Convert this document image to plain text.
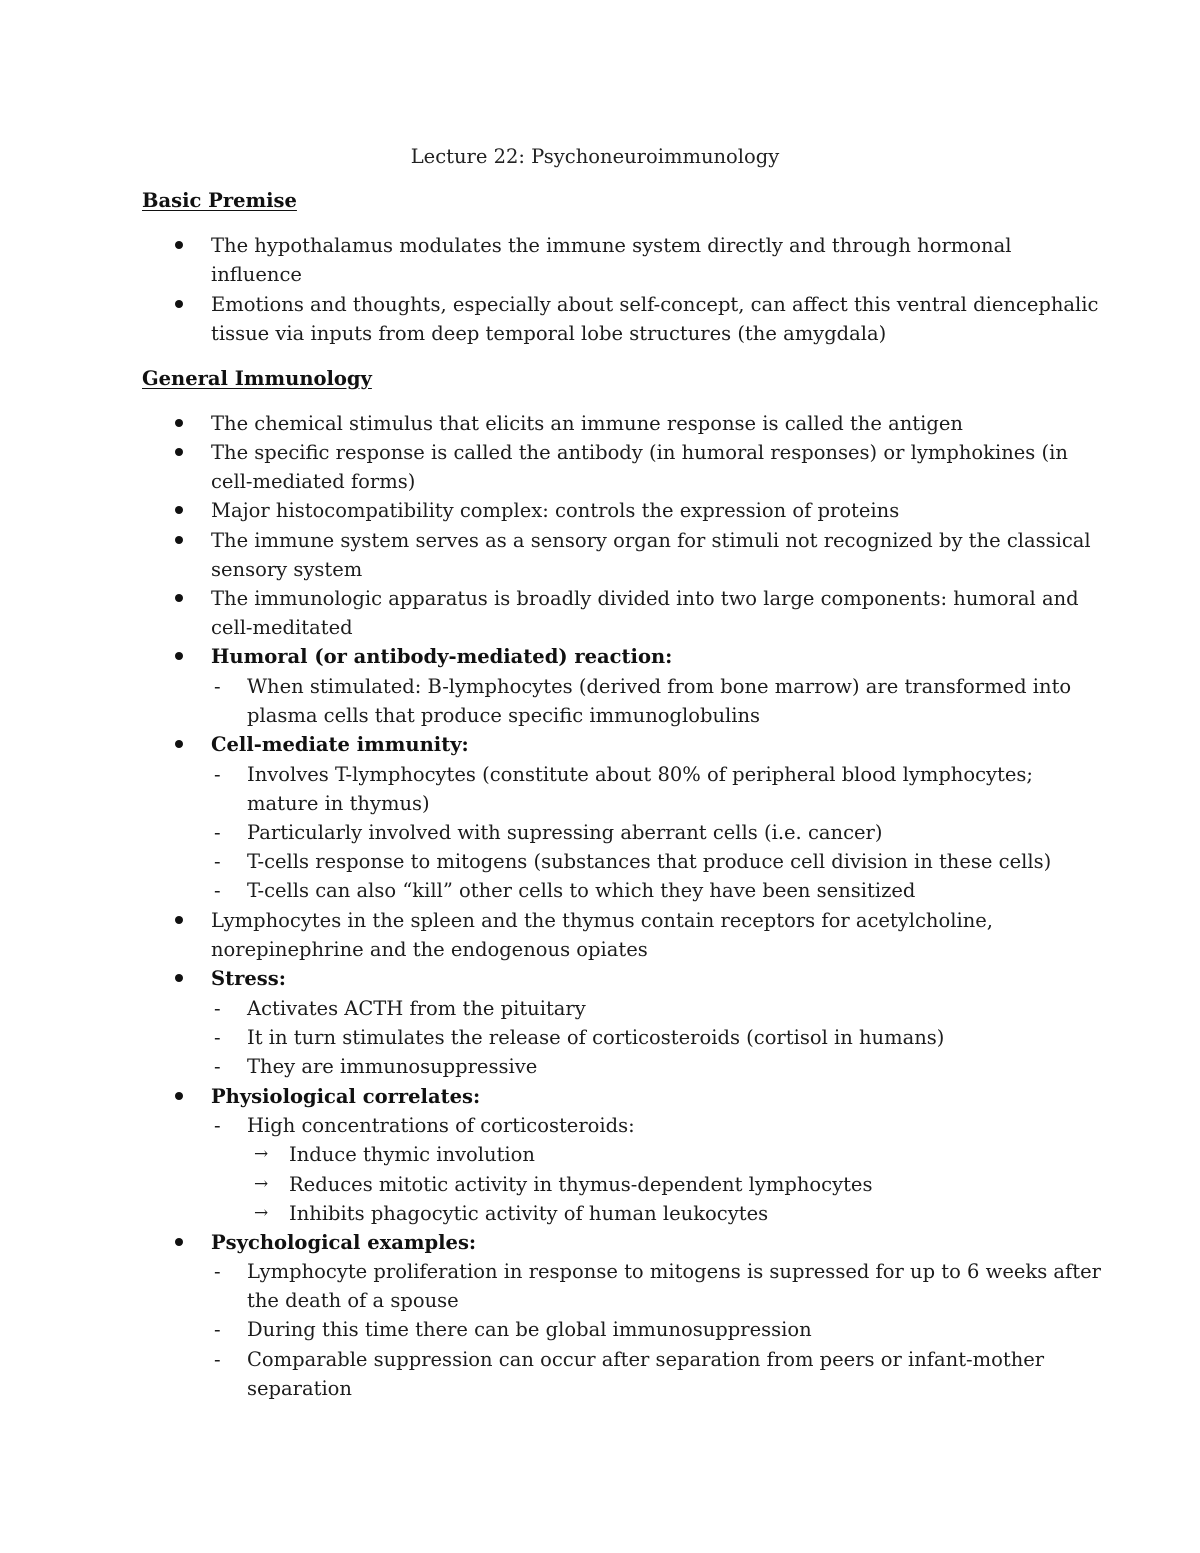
Lecture 22: Psychoneuroimmunology
Basic Premise
The hypothalamus modulates the immune system directly and through hormonal
influence
Emotions and thoughts, especially about self-concept, can affect this ventral diencephalic
tissue via inputs from deep temporal lobe structures (the amygdala)
General Immunology
The chemical stimulus that elicits an immune response is called the antigen
The specific response is called the antibody (in humoral responses) or lymphokines (in
cell-mediated forms)
Major histocompatibility complex: controls the expression of proteins
The immune system serves as a sensory organ for stimuli not recognized by the classical
sensory system
The immunologic apparatus is broadly divided into two large components: humoral and
cell-meditated
Humoral (or antibody-mediated) reaction:
- When stimulated: B-lymphocytes (derived from bone marrow) are transformed into
plasma cells that produce specific immunoglobulins
Cell-mediate immunity:
- Involves T-lymphocytes (constitute about 80% of peripheral blood lymphocytes;
mature in thymus)
- Particularly involved with supressing aberrant cells (i.e. cancer)
- T-cells response to mitogens (substances that produce cell division in these cells)
- T-cells can also “kill” other cells to which they have been sensitized
Lymphocytes in the spleen and the thymus contain receptors for acetylcholine,
norepinephrine and the endogenous opiates
Stress:
- Activates ACTH from the pituitary
- It in turn stimulates the release of corticosteroids (cortisol in humans)
- They are immunosuppressive
Physiological correlates:
- High concentrations of corticosteroids:
→ Induce thymic involution
→ Reduces mitotic activity in thymus-dependent lymphocytes
→ Inhibits phagocytic activity of human leukocytes
Psychological examples:
- Lymphocyte proliferation in response to mitogens is supressed for up to 6 weeks after
the death of a spouse
- During this time there can be global immunosuppression
- Comparable suppression can occur after separation from peers or infant-mother
separation
